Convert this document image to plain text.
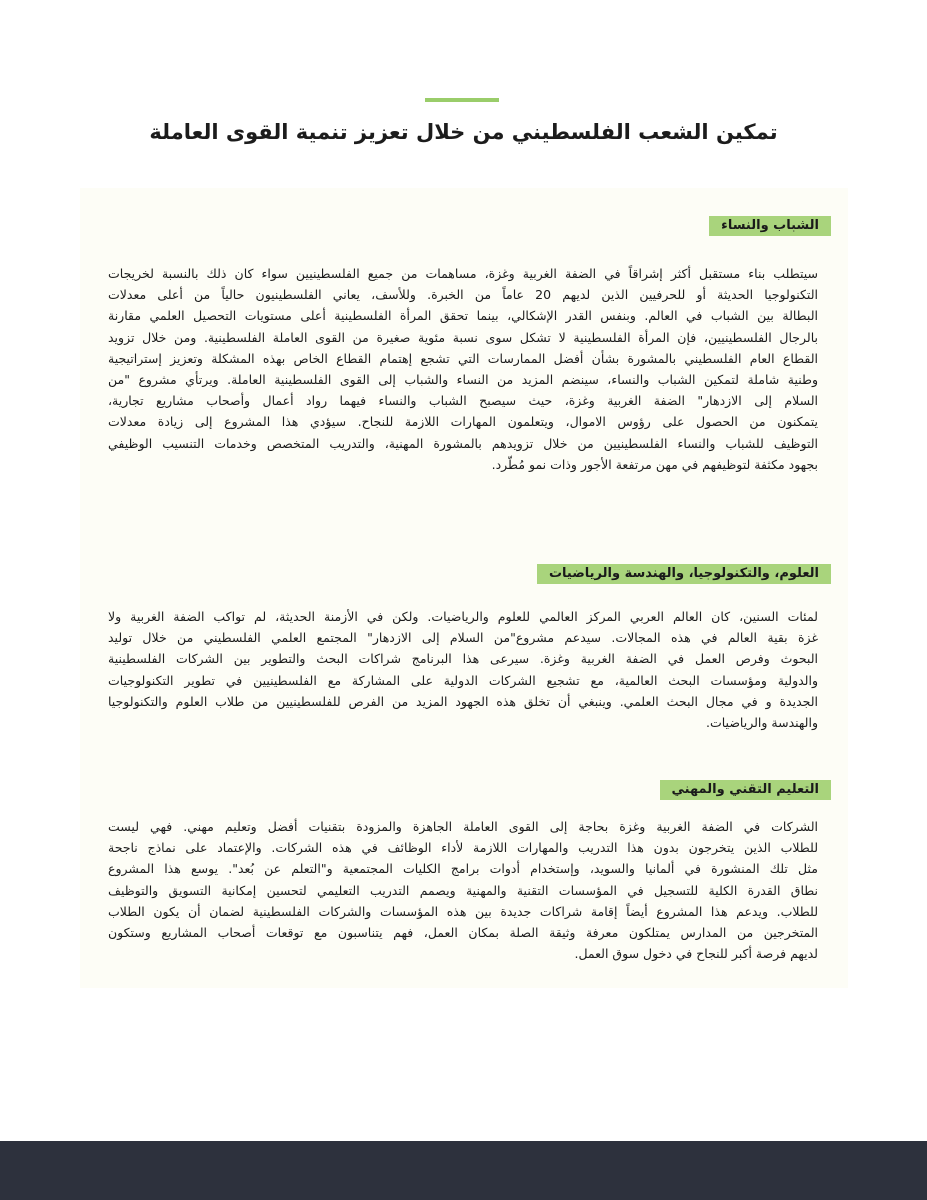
تمكين الشعب الفلسطيني من خلال تعزيز تنمية القوى العاملة
الشباب والنساء
سيتطلب بناء مستقبل أكثر إشراقاً في الضفة الغربية وغزة، مساهمات من جميع الفلسطينيين سواء كان ذلك بالنسبة لخريجات
التكنولوجيا الحديثة أو للحرفيين الذين لديهم 20 عاماً من الخبرة. وللأسف، يعاني الفلسطينيون حالياً من أعلى معدلات
البطالة بين الشباب في العالم. وبنفس القدر الإشكالي، بينما تحقق المرأة الفلسطينية أعلى مستويات التحصيل العلمي مقارنة
بالرجال الفلسطينيين، فإن المرأة الفلسطينية لا تشكل سوى نسبة مئوية صغيرة من القوى العاملة الفلسطينية. ومن خلال تزويد
القطاع العام الفلسطيني بالمشورة بشأن أفضل الممارسات التي تشجع إهتمام القطاع الخاص بهذه المشكلة وتعزيز إستراتيجية
وطنية شاملة لتمكين الشباب والنساء، سينضم المزيد من النساء والشباب إلى القوى الفلسطينية العاملة. ويرتأي مشروع "من
السلام إلى الازدهار" الضفة الغربية وغزة، حيث سيصبح الشباب والنساء فيهما رواد أعمال وأصحاب مشاريع تجارية،
يتمكنون من الحصول على رؤوس الاموال، ويتعلمون المهارات اللازمة للنجاح. سيؤدي هذا المشروع إلى زيادة معدلات
التوظيف للشباب والنساء الفلسطينيين من خلال تزويدهم بالمشورة المهنية، والتدريب المتخصص وخدمات التنسيب الوظيفي
بجهود مكثفة لتوظيفهم في مهن مرتفعة الأجور وذات نمو مُطّرد.
العلوم، والتكنولوجيا، والهندسة والرياضيات
لمئات السنين، كان العالم العربي المركز العالمي للعلوم والرياضيات. ولكن في الأزمنة الحديثة، لم تواكب الضفة الغربية ولا
غزة بقية العالم في هذه المجالات. سيدعم مشروع"من السلام إلى الازدهار" المجتمع العلمي الفلسطيني من خلال توليد
البحوث وفرص العمل في الضفة الغربية وغزة. سيرعى هذا البرنامج شراكات البحث والتطوير بين الشركات الفلسطينية
والدولية ومؤسسات البحث العالمية، مع تشجيع الشركات الدولية على المشاركة مع الفلسطينيين في تطوير التكنولوجيات
الجديدة و في مجال البحث العلمي. وينبغي أن تخلق هذه الجهود المزيد من الفرص للفلسطينيين من طلاب العلوم والتكنولوجيا
والهندسة والرياضيات.
التعليم التقني والمهني
الشركات في الضفة الغربية وغزة بحاجة إلى القوى العاملة الجاهزة والمزودة بتقنيات أفضل وتعليم مهني. فهي ليست
للطلاب الذين يتخرجون بدون هذا التدريب والمهارات اللازمة لأداء الوظائف في هذه الشركات. والإعتماد على نماذج ناجحة
مثل تلك المنشورة في ألمانيا والسويد، وإستخدام أدوات برامج الكليات المجتمعية و"التعلم عن بُعد". يوسع هذا المشروع
نطاق القدرة الكلية للتسجيل في المؤسسات التقنية والمهنية ويصمم التدريب التعليمي لتحسين إمكانية التسويق والتوظيف
للطلاب. ويدعم هذا المشروع أيضاً إقامة شراكات جديدة بين هذه المؤسسات والشركات الفلسطينية لضمان أن يكون الطلاب
المتخرجين من المدارس يمتلكون معرفة وثيقة الصلة بمكان العمل، فهم يتناسبون مع توقعات أصحاب المشاريع وستكون
لديهم فرصة أكبر للنجاح في دخول سوق العمل.
